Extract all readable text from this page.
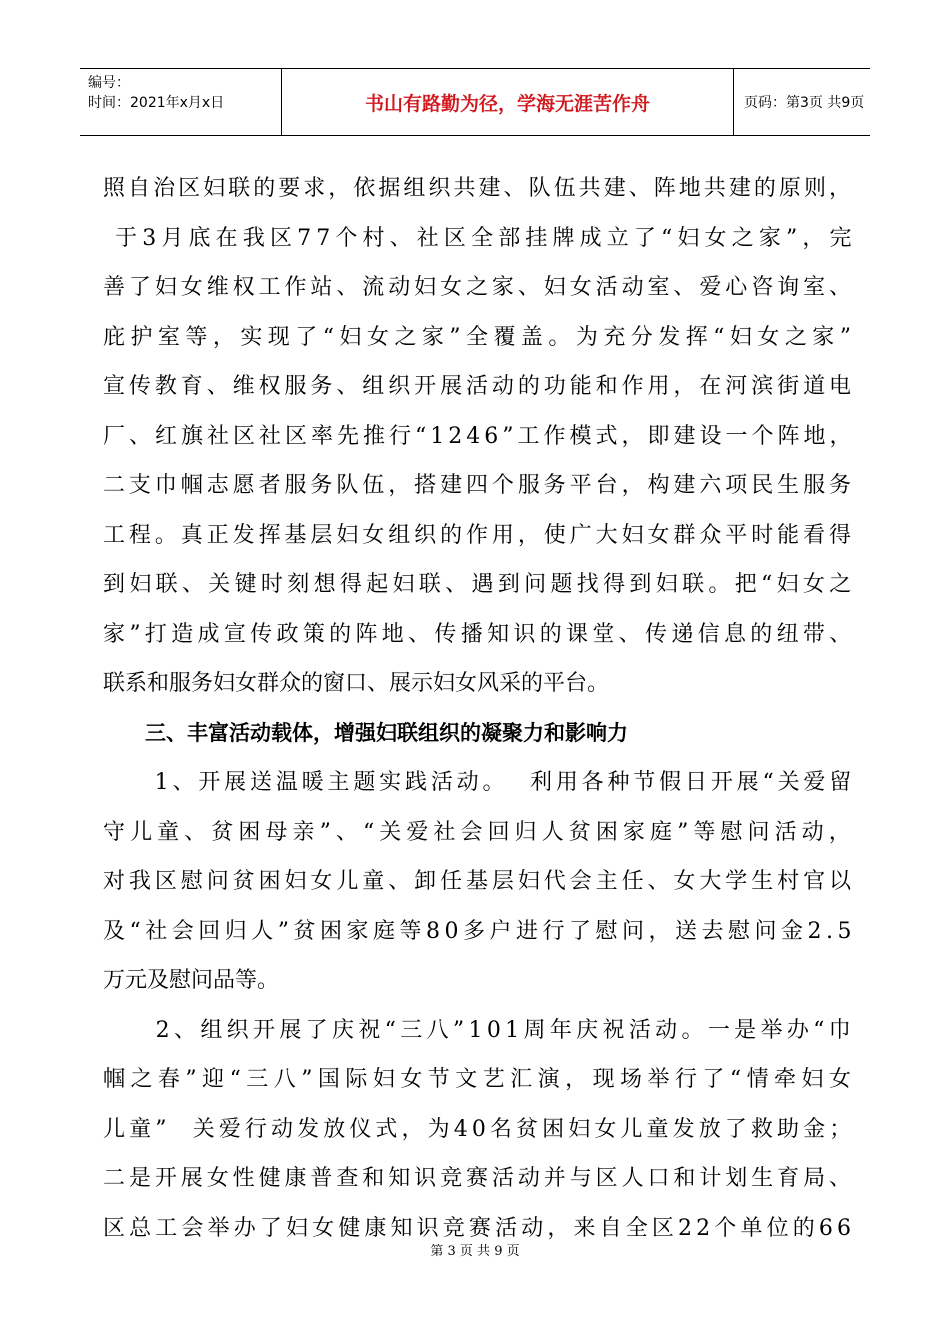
编号：
时间：2021年x月x日	书山有路勤为径，学海无涯苦作舟	页码：第3页 共9页
照自治区妇联的要求，依据组织共建、队伍共建、阵地共建的原则，
于3月底在我区77个村、社区全部挂牌成立了“妇女之家”，完
善了妇女维权工作站、流动妇女之家、妇女活动室、爱心咨询室、
庇护室等，实现了“妇女之家”全覆盖。为充分发挥“妇女之家”
宣传教育、维权服务、组织开展活动的功能和作用，在河滨街道电
厂、红旗社区社区率先推行“1246”工作模式，即建设一个阵地，
二支巾帼志愿者服务队伍，搭建四个服务平台，构建六项民生服务
工程。真正发挥基层妇女组织的作用，使广大妇女群众平时能看得
到妇联、关键时刻想得起妇联、遇到问题找得到妇联。把“妇女之
家”打造成宣传政策的阵地、传播知识的课堂、传递信息的纽带、
联系和服务妇女群众的窗口、展示妇女风采的平台。
　　三、丰富活动载体，增强妇联组织的凝聚力和影响力
　　1、开展送温暖主题实践活动。  利用各种节假日开展“关爱留
守儿童、贫困母亲”、“关爱社会回归人贫困家庭”等慰问活动，
对我区慰问贫困妇女儿童、卸任基层妇代会主任、女大学生村官以
及“社会回归人”贫困家庭等80多户进行了慰问，送去慰问金2.5
万元及慰问品等。
　　2、组织开展了庆祝“三八”101周年庆祝活动。一是举办“巾
帼之春”迎“三八”国际妇女节文艺汇演，现场举行了“情牵妇女
儿童”  关爱行动发放仪式，为40名贫困妇女儿童发放了救助金；
二是开展女性健康普查和知识竞赛活动并与区人口和计划生育局、
区总工会举办了妇女健康知识竞赛活动，来自全区22个单位的66
第 3 页 共 9 页
